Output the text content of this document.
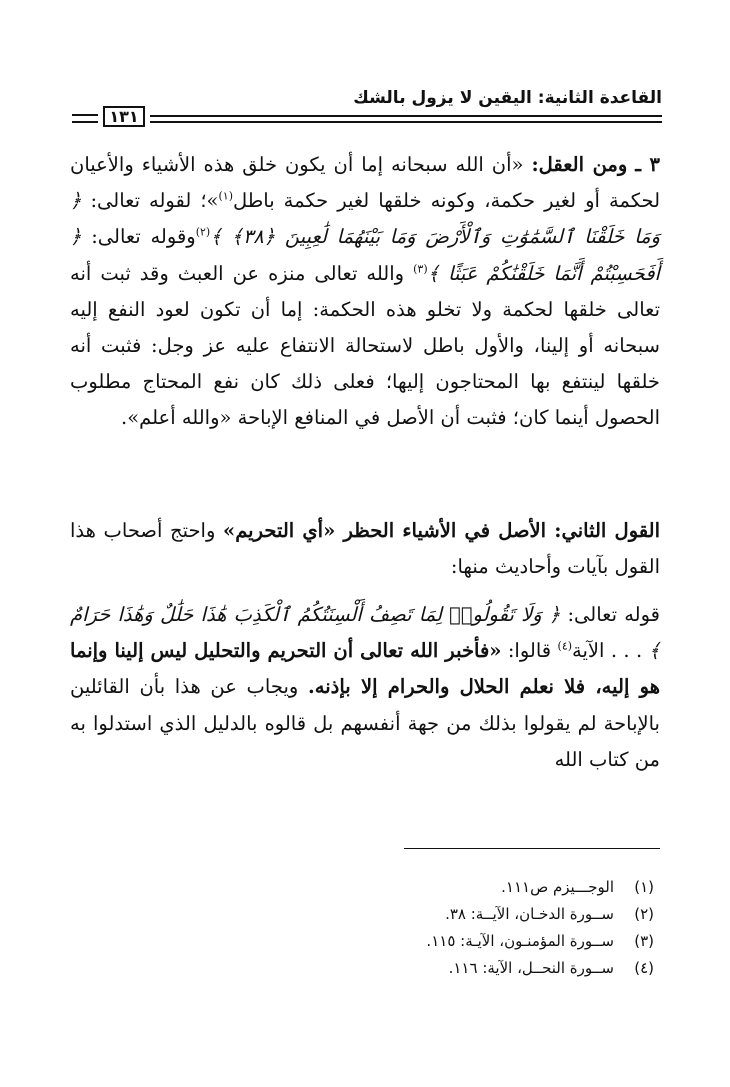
القاعدة الثانية: اليقين لا يزول بالشك
١٣١

٣ ـ ومن العقل: «أن الله سبحانه إما أن يكون خلق هذه الأشياء والأعيان لحكمة أو لغير حكمة، وكونه خلقها لغير حكمة باطل$^{(١)}$»؛ لقوله تعالى: ﴿ وَمَا خَلَقْنَا ٱلسَّمَٰوَٰتِ وَٱلْأَرْضَ وَمَا بَيْنَهُمَا لَٰعِبِينَ ﴿٣٨﴾ ﴾$^{(٢)}$وقوله تعالى: ﴿ أَفَحَسِبْتُمْ أَنَّمَا خَلَقْنَٰكُمْ عَبَثًا ﴾$^{(٣)}$ والله تعالى منزه عن العبث وقد ثبت أنه تعالى خلقها لحكمة ولا تخلو هذه الحكمة: إما أن تكون لعود النفع إليه سبحانه أو إلينا، والأول باطل لاستحالة الانتفاع عليه عز وجل: فثبت أنه خلقها لينتفع بها المحتاجون إليها؛ فعلى ذلك كان نفع المحتاج مطلوب الحصول أينما كان؛ فثبت أن الأصل في المنافع الإباحة «والله أعلم».

القول الثاني: الأصل في الأشياء الحظر «أي التحريم» واحتج أصحاب هذا القول بآيات وأحاديث منها:

قوله تعالى: ﴿ وَلَا تَقُولُوا۟ لِمَا تَصِفُ أَلْسِنَتُكُمُ ٱلْكَذِبَ هَٰذَا حَلَٰلٌ وَهَٰذَا حَرَامٌ ﴾ . . . الآية$^{(٤)}$ قالوا: «فأخبر الله تعالى أن التحريم والتحليل ليس إلينا وإنما هو إليه، فلا نعلم الحلال والحرام إلا بإذنه. ويجاب عن هذا بأن القائلين بالإباحة لم يقولوا بذلك من جهة أنفسهم بل قالوه بالدليل الذي استدلوا به من كتاب الله

(١)الوجـــيزم ص١١١.
(٢)ســورة الدخـان، الآيــة: ٣٨.
(٣)ســورة المؤمنـون، الآيـة: ١١٥.
(٤)ســورة النحــل، الآية: ١١٦.
